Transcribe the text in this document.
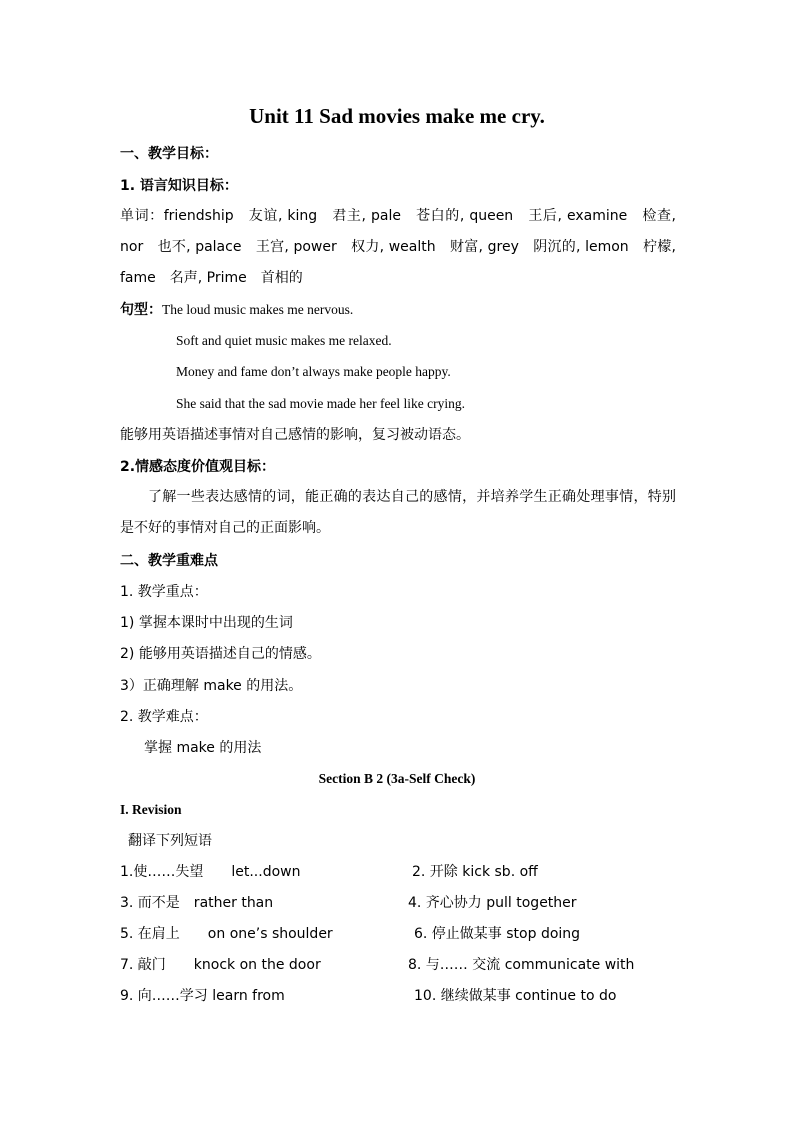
Unit 11 Sad movies make me cry.
一、教学目标：
1. 语言知识目标：
单词：friendship　友谊, king　君主, pale　苍白的, queen　王后, examine　检查, nor　也不, palace　王宫, power　权力, wealth　财富, grey　阴沉的, lemon　柠檬, fame　名声, Prime　首相的
句型：The loud music makes me nervous.
Soft and quiet music makes me relaxed.
Money and fame don’t always make people happy.
She said that the sad movie made her feel like crying.
能够用英语描述事情对自己感情的影响，复习被动语态。
2.情感态度价值观目标：
了解一些表达感情的词，能正确的表达自己的感情，并培养学生正确处理事情，特别是不好的事情对自己的正面影响。
二、教学重难点
1. 教学重点：
1) 掌握本课时中出现的生词
2) 能够用英语描述自己的情感。
3）正确理解 make 的用法。
2. 教学难点：
掌握 make 的用法
Section B 2 (3a-Self Check)
I. Revision
翻译下列短语
1.使……失望　　let...down	2. 开除 kick sb. off
3. 而不是　rather than	4. 齐心协力 pull together
5. 在肩上　　on one’s shoulder	6. 停止做某事 stop doing
7. 敲门　　knock on the door	8. 与…… 交流 communicate with
9. 向……学习 learn from	10. 继续做某事 continue to do
